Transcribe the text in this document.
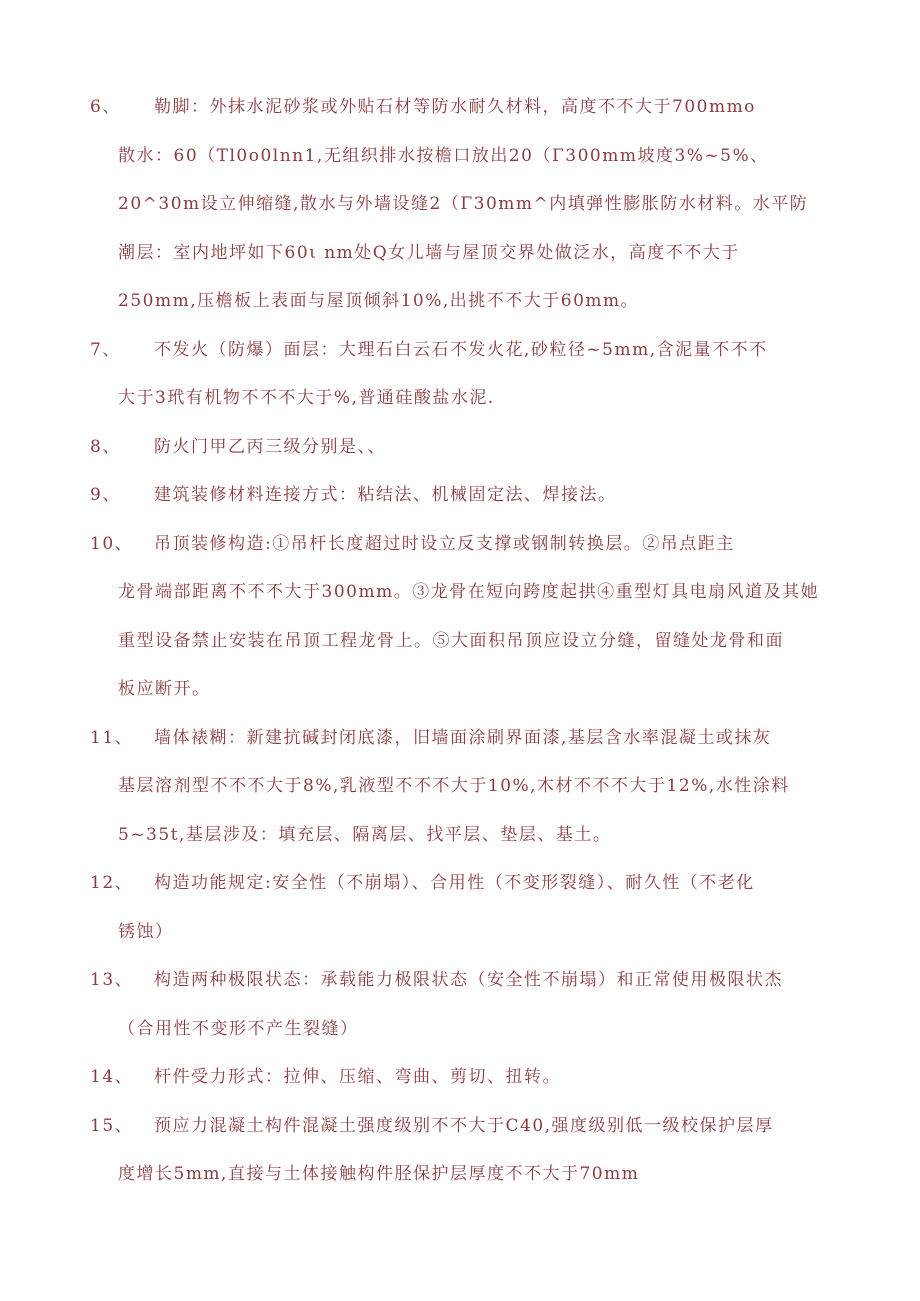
6、 勒脚：外抹水泥砂浆或外贴石材等防水耐久材料，高度不不大于700mmo
散水：60（Tl0o0lnn1,无组织排水按檐口放出20（Γ300mm坡度3%~5%、
20^30m设立伸缩缝,散水与外墙设缝2（Γ30mm^内填弹性膨胀防水材料。水平防
潮层：室内地坪如下60ι nm处Q女儿墙与屋顶交界处做泛水，高度不不大于
250mm,压檐板上表面与屋顶倾斜10%,出挑不不大于60mm。
7、 不发火（防爆）面层：大理石白云石不发火花,砂粒径~5mm,含泥量不不不
大于3玳有机物不不不大于%,普通硅酸盐水泥.
8、 防火门甲乙丙三级分别是、、
9、 建筑装修材料连接方式：粘结法、机械固定法、焊接法。
10、 吊顶装修构造:①吊杆长度超过时设立反支撑或钢制转换层。②吊点距主
龙骨端部距离不不不大于300mm。③龙骨在短向跨度起拱④重型灯具电扇风道及其她
重型设备禁止安装在吊顶工程龙骨上。⑤大面积吊顶应设立分缝，留缝处龙骨和面
板应断开。
11、 墙体裱糊：新建抗碱封闭底漆，旧墙面涂刷界面漆,基层含水率混凝土或抹灰
基层溶剂型不不不大于8%,乳液型不不不大于10%,木材不不不大于12%,水性涂料
5~35t,基层涉及：填充层、隔离层、找平层、垫层、基土。
12、 构造功能规定:安全性（不崩塌）、合用性（不变形裂缝）、耐久性（不老化
锈蚀）
13、 构造两种极限状态：承载能力极限状态（安全性不崩塌）和正常使用极限状杰
（合用性不变形不产生裂缝）
14、 杆件受力形式：拉伸、压缩、弯曲、剪切、扭转。
15、 预应力混凝土构件混凝土强度级别不不大于C40,强度级别低一级校保护层厚
度增长5mm,直接与土体接触构件胫保护层厚度不不大于70mm
